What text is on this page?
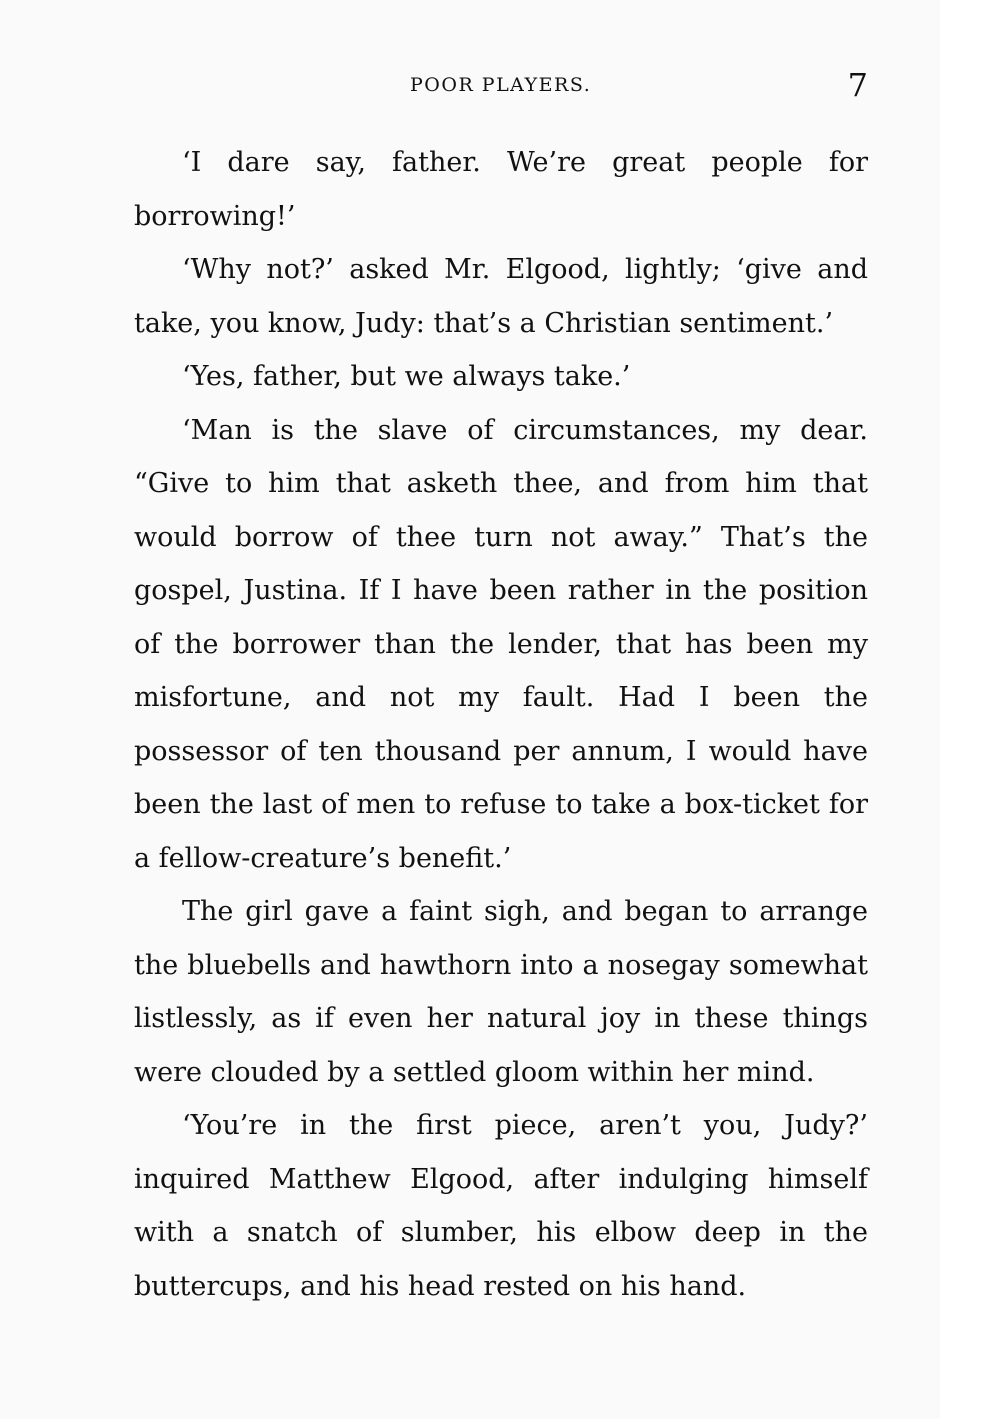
POOR PLAYERS.	7

‘I dare say, father. We’re great people for borrowing!’

‘Why not?’ asked Mr. Elgood, lightly; ‘give and take, you know, Judy: that’s a Christian sentiment.’

‘Yes, father, but we always take.’

‘Man is the slave of circumstances, my dear. “Give to him that asketh thee, and from him that would borrow of thee turn not away.” That’s the gospel, Justina. If I have been rather in the position of the borrower than the lender, that has been my misfortune, and not my fault. Had I been the possessor of ten thousand per annum, I would have been the last of men to refuse to take a box-ticket for a fellow-creature’s benefit.’

The girl gave a faint sigh, and began to arrange the bluebells and hawthorn into a nosegay somewhat listlessly, as if even her natural joy in these things were clouded by a settled gloom within her mind.

‘You’re in the first piece, aren’t you, Judy?’ inquired Matthew Elgood, after indulging himself with a snatch of slumber, his elbow deep in the buttercups, and his head rested on his hand.
